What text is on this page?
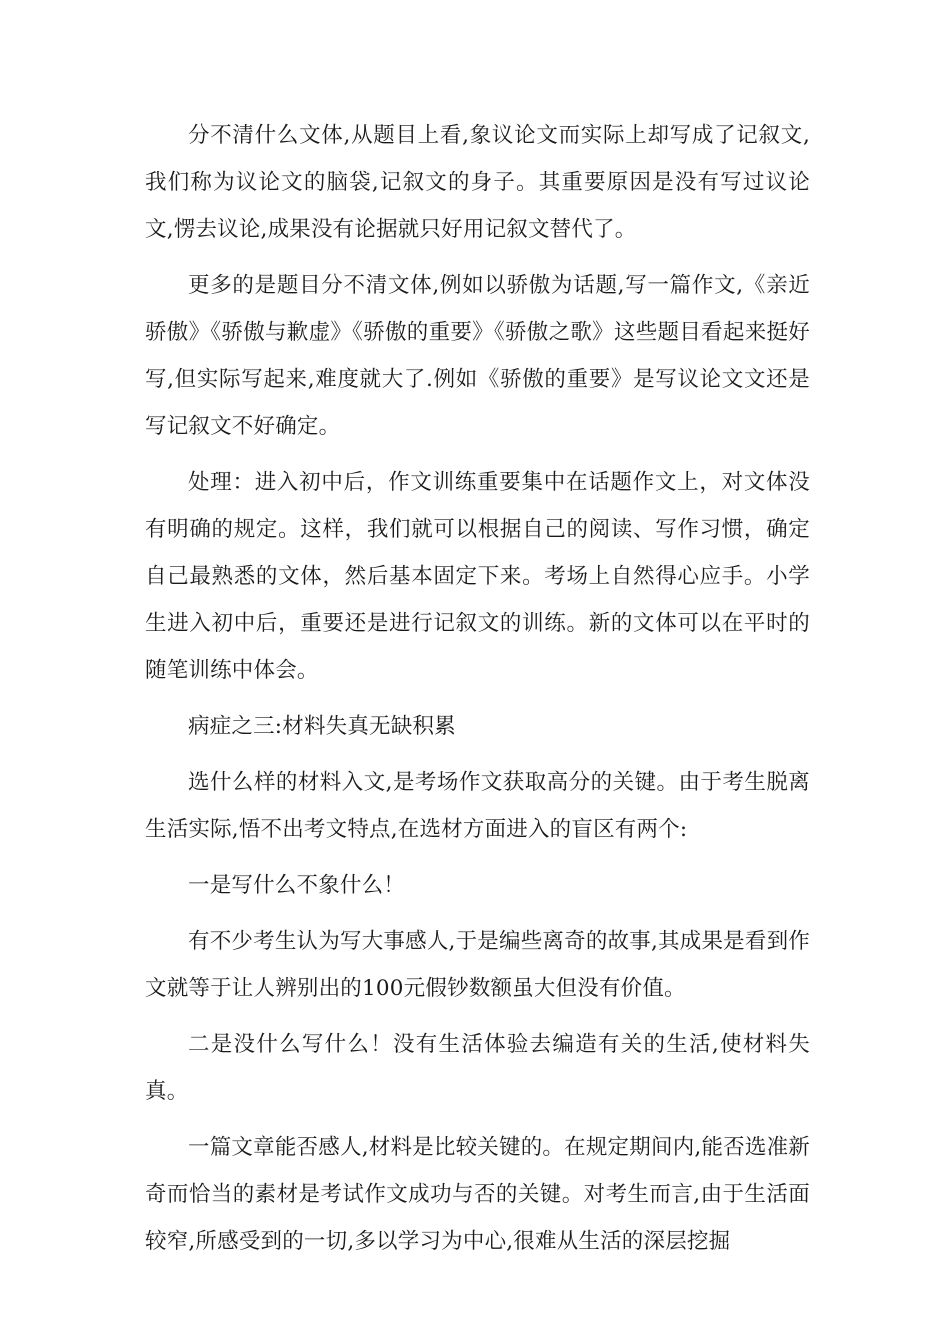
分不清什么文体,从题目上看,象议论文而实际上却写成了记叙文,我们称为议论文的脑袋,记叙文的身子。其重要原因是没有写过议论文,愣去议论,成果没有论据就只好用记叙文替代了。

更多的是题目分不清文体,例如以骄傲为话题,写一篇作文,《亲近骄傲》《骄傲与歉虚》《骄傲的重要》《骄傲之歌》这些题目看起来挺好写,但实际写起来,难度就大了.例如《骄傲的重要》是写议论文文还是写记叙文不好确定。

处理：进入初中后，作文训练重要集中在话题作文上，对文体没有明确的规定。这样，我们就可以根据自己的阅读、写作习惯，确定自己最熟悉的文体，然后基本固定下来。考场上自然得心应手。小学生进入初中后，重要还是进行记叙文的训练。新的文体可以在平时的随笔训练中体会。

病症之三:材料失真无缺积累

选什么样的材料入文,是考场作文获取高分的关键。由于考生脱离生活实际,悟不出考文特点,在选材方面进入的盲区有两个:

一是写什么不象什么！

有不少考生认为写大事感人,于是编些离奇的故事,其成果是看到作文就等于让人辨别出的100元假钞数额虽大但没有价值。

二是没什么写什么！没有生活体验去编造有关的生活,使材料失真。

一篇文章能否感人,材料是比较关键的。在规定期间内,能否选准新奇而恰当的素材是考试作文成功与否的关键。对考生而言,由于生活面较窄,所感受到的一切,多以学习为中心,很难从生活的深层挖掘
